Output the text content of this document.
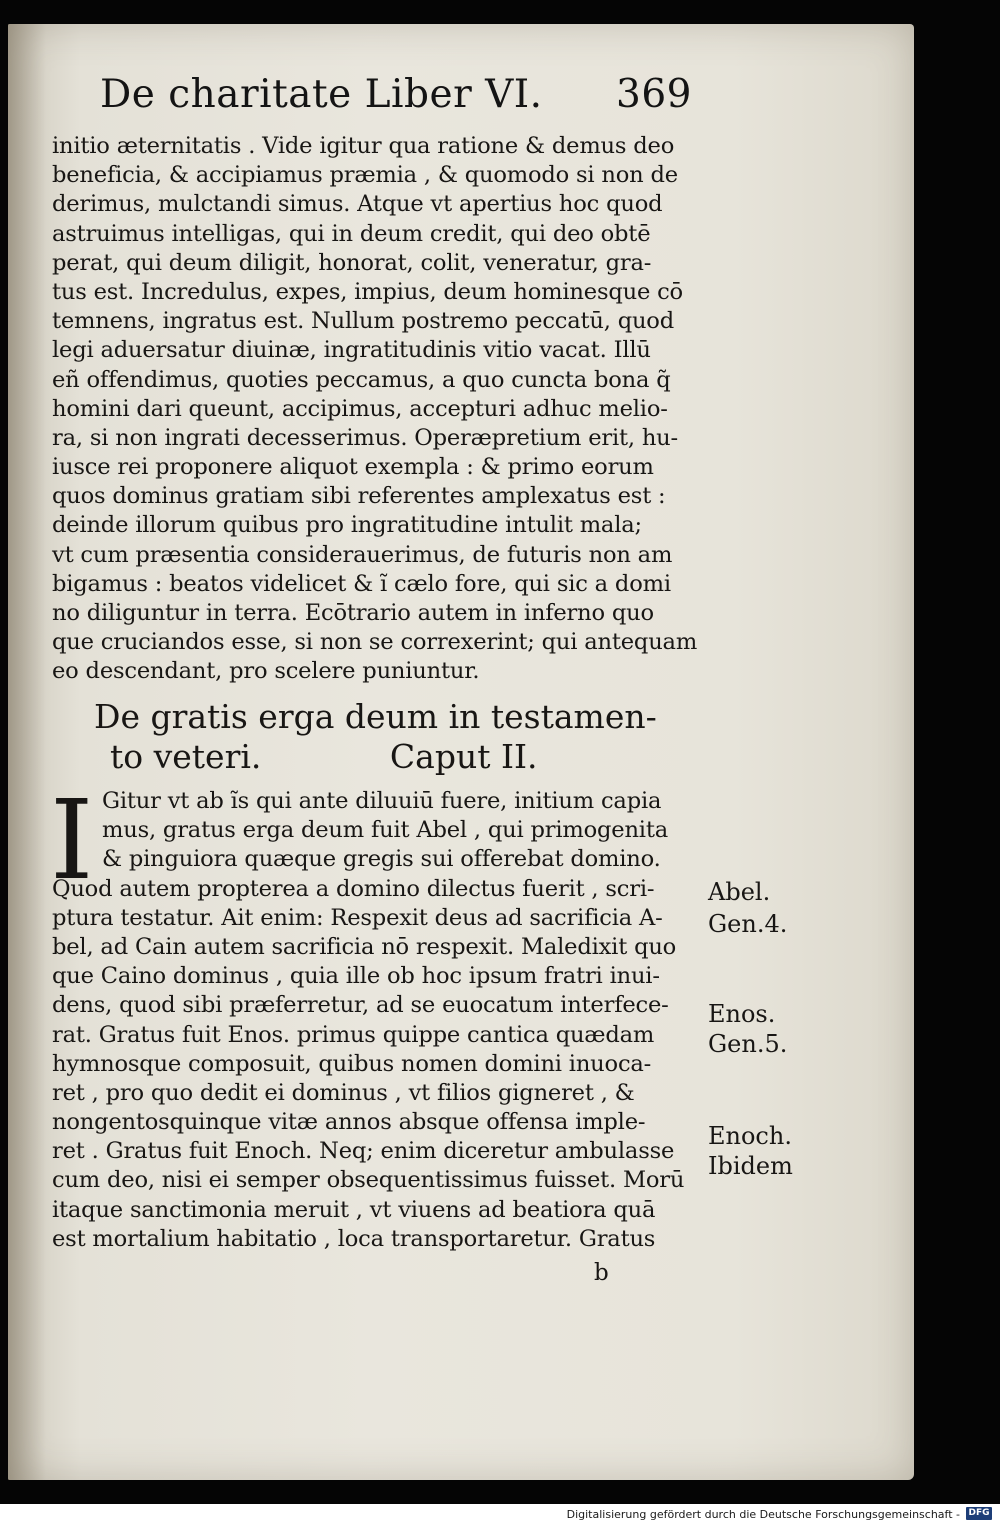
De charitate Liber VI. 369
initio æternitatis . Vide igitur qua ratione & demus deo
beneficia, & accipiamus præmia , & quomodo si non de
derimus, mulctandi simus. Atque vt apertius hoc quod
astruimus intelligas, qui in deum credit, qui deo obtē
perat, qui deum diligit, honorat, colit, veneratur, gra-
tus est. Incredulus, expes, impius, deum hominesque cō
temnens, ingratus est. Nullum postremo peccatū, quod
legi aduersatur diuinæ, ingratitudinis vitio vacat. Illū
eñ offendimus, quoties peccamus, a quo cuncta bona q̃
homini dari queunt, accipimus, accepturi adhuc melio-
ra, si non ingrati decesserimus. Operæpretium erit, hu-
iusce rei proponere aliquot exempla : & primo eorum
quos dominus gratiam sibi referentes amplexatus est :
deinde illorum quibus pro ingratitudine intulit mala;
vt cum præsentia considerauerimus, de futuris non am
bigamus : beatos videlicet & ĩ cælo fore, qui sic a domi
no diliguntur in terra. Ecōtrario autem in inferno quo
que cruciandos esse, si non se correxerint; qui antequam
eo descendant, pro scelere puniuntur.
De gratis erga deum in testamen-
to veteri.	Caput II.
I Gitur vt ab ĩs qui ante diluuiū fuere, initium capia
mus, gratus erga deum fuit Abel , qui primogenita
& pinguiora quæque gregis sui offerebat domino.
Quod autem propterea a domino dilectus fuerit , scri-
ptura testatur. Ait enim: Respexit deus ad sacrificia A-
bel, ad Cain autem sacrificia nō respexit. Maledixit quo
que Caino dominus , quia ille ob hoc ipsum fratri inui-
dens, quod sibi præferretur, ad se euocatum interfece-
rat. Gratus fuit Enos. primus quippe cantica quædam
hymnosque composuit, quibus nomen domini inuoca-
ret , pro quo dedit ei dominus , vt filios gigneret , &
nongentosquinque vitæ annos absque offensa imple-
ret . Gratus fuit Enoch. Neq; enim diceretur ambulasse
cum deo, nisi ei semper obsequentissimus fuisset. Morū
itaque sanctimonia meruit , vt viuens ad beatiora quā
est mortalium habitatio , loca transportaretur. Gratus
Abel.
Gen.4.
Enos.
Gen.5.
Enoch.
Ibidem
b
Digitalisierung gefördert durch die Deutsche Forschungsgemeinschaft - DFG
